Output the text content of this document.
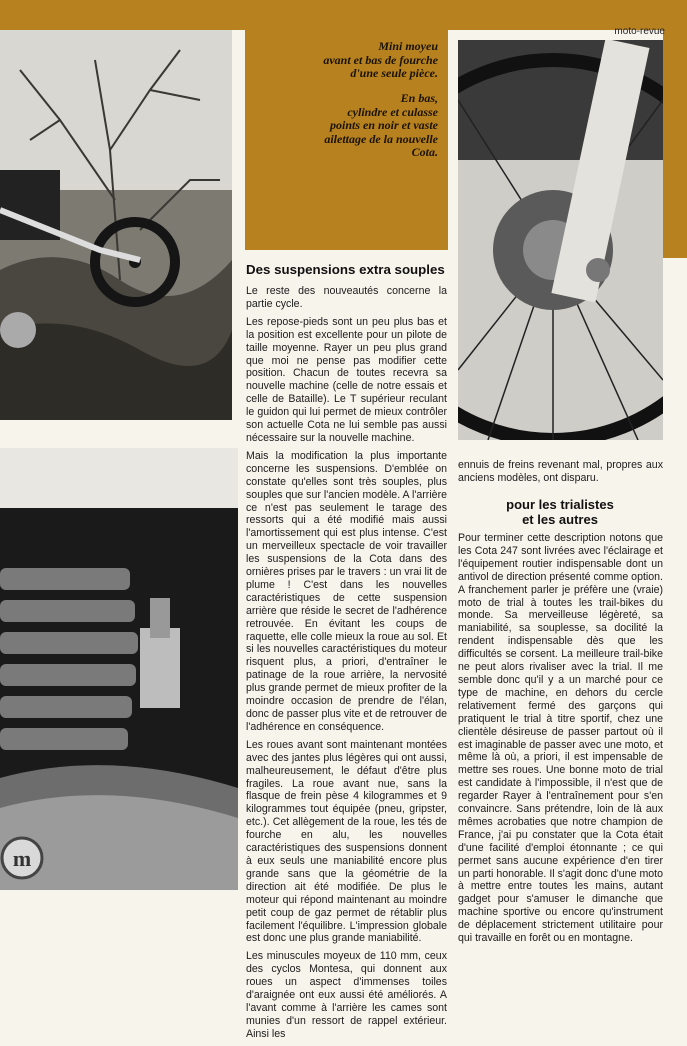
moto-revue
m
Mini moyeu
avant et bas de fourche
d'une seule pièce.
En bas,
cylindre et culasse
points en noir et vaste
ailettage de la nouvelle
Cota.
Des suspensions extra souples

Le reste des nouveautés concerne la partie cycle.

Les repose-pieds sont un peu plus bas et la position est excellente pour un pilote de taille moyenne. Rayer un peu plus grand que moi ne pense pas modifier cette position. Chacun de toutes recevra sa nouvelle machine (celle de notre essais et celle de Bataille). Le T supérieur reculant le guidon qui lui permet de mieux contrôler son actuelle Cota ne lui semble pas aussi nécessaire sur la nouvelle machine.

Mais la modification la plus importante concerne les suspensions. D'emblée on constate qu'elles sont très souples, plus souples que sur l'ancien modèle. A l'arrière ce n'est pas seulement le tarage des ressorts qui a été modifié mais aussi l'amortissement qui est plus intense. C'est un merveilleux spectacle de voir travailler les suspensions de la Cota dans des ornières prises par le travers : un vrai lit de plume ! C'est dans les nouvelles caractéristiques de cette suspension arrière que réside le secret de l'adhérence retrouvée. En évitant les coups de raquette, elle colle mieux la roue au sol. Et si les nouvelles caractéristiques du moteur risquent plus, a priori, d'entraîner le patinage de la roue arrière, la nervosité plus grande permet de mieux profiter de la moindre occasion de prendre de l'élan, donc de passer plus vite et de retrouver de l'adhérence en conséquence.

Les roues avant sont maintenant montées avec des jantes plus légères qui ont aussi, malheureusement, le défaut d'être plus fragiles. La roue avant nue, sans la flasque de frein pèse 4 kilogrammes et 9 kilogrammes tout équipée (pneu, gripster, etc.). Cet allègement de la roue, les tés de fourche en alu, les nouvelles caractéristiques des suspensions donnent à eux seuls une maniabilité encore plus grande sans que la géométrie de la direction ait été modifiée. De plus le moteur qui répond maintenant au moindre petit coup de gaz permet de rétablir plus facilement l'équilibre. L'impression globale est donc une plus grande maniabilité.

Les minuscules moyeux de 110 mm, ceux des cyclos Montesa, qui donnent aux roues un aspect d'immenses toiles d'araignée ont eux aussi été améliorés. A l'avant comme à l'arrière les cames sont munies d'un ressort de rappel extérieur. Ainsi les

ennuis de freins revenant mal, propres aux anciens modèles, ont disparu.

pour les trialistes
et les autres

Pour terminer cette description notons que les Cota 247 sont livrées avec l'éclairage et l'équipement routier indispensable dont un antivol de direction présenté comme option. A franchement parler je préfère une (vraie) moto de trial à toutes les trail-bikes du monde. Sa merveilleuse légèreté, sa maniabilité, sa souplesse, sa docilité la rendent indispensable dès que les difficultés se corsent. La meilleure trail-bike ne peut alors rivaliser avec la trial. Il me semble donc qu'il y a un marché pour ce type de machine, en dehors du cercle relativement fermé des garçons qui pratiquent le trial à titre sportif, chez une clientèle désireuse de passer partout où il est imaginable de passer avec une moto, et même là où, a priori, il est impensable de mettre ses roues. Une bonne moto de trial est candidate à l'impossible, il n'est que de regarder Rayer à l'entraînement pour s'en convaincre. Sans prétendre, loin de là aux mêmes acrobaties que notre champion de France, j'ai pu constater que la Cota était d'une facilité d'emploi étonnante ; ce qui permet sans aucune expérience d'en tirer un parti honorable. Il s'agit donc d'une moto à mettre entre toutes les mains, autant gadget pour s'amuser le dimanche que machine sportive ou encore qu'instrument de déplacement strictement utilitaire pour qui travaille en forêt ou en montagne.
